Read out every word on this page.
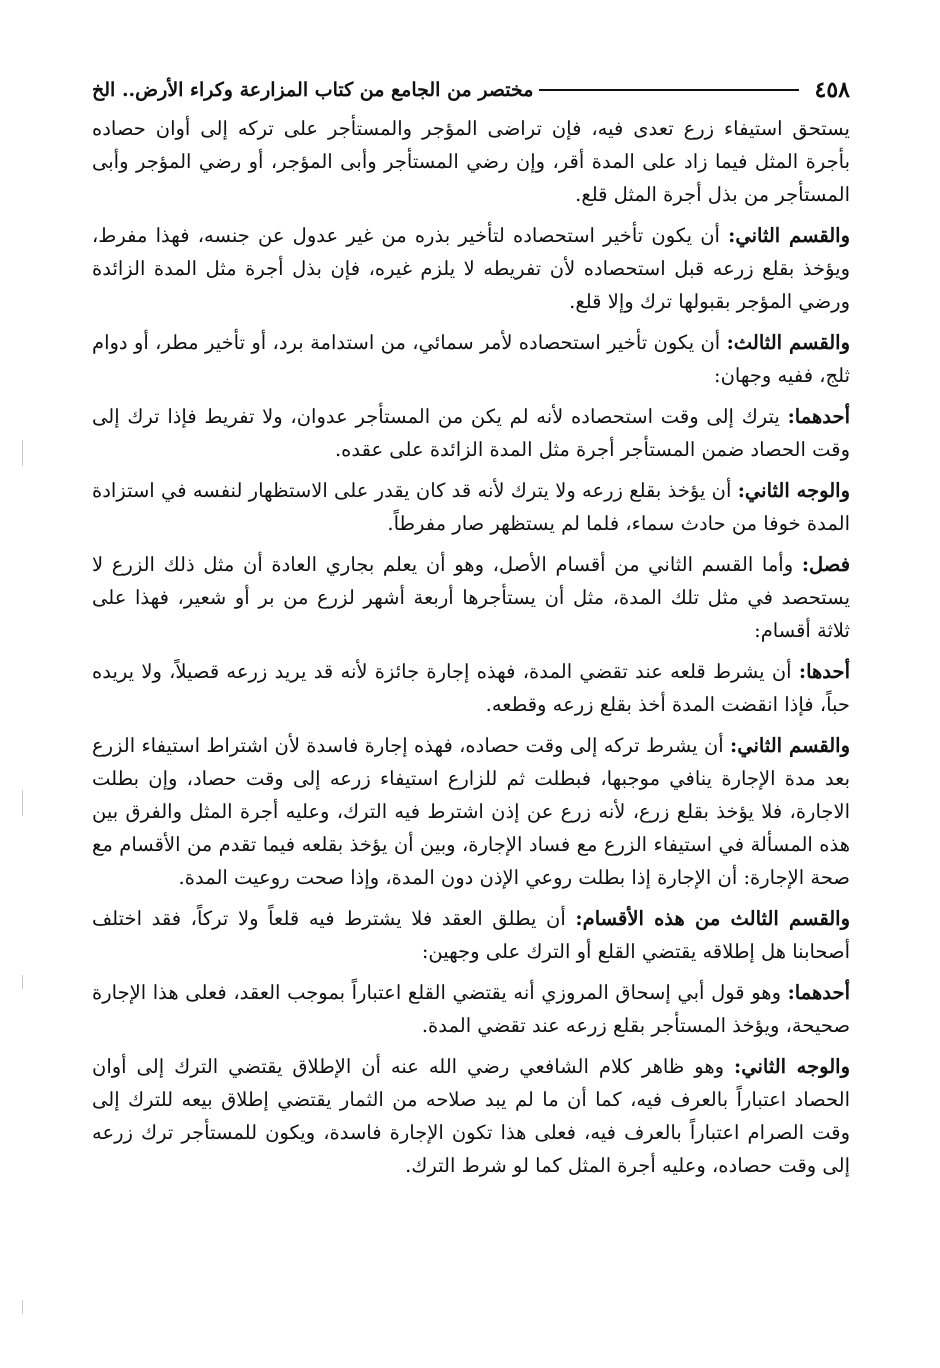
٤٥٨
مختصر من الجامع من كتاب المزارعة وكراء الأرض.. الخ

يستحق استيفاء زرع تعدى فيه، فإن تراضى المؤجر والمستأجر على تركه إلى أوان حصاده بأجرة المثل فيما زاد على المدة أقر، وإن رضي المستأجر وأبى المؤجر، أو رضي المؤجر وأبى المستأجر من بذل أجرة المثل قلع.

والقسم الثاني: أن يكون تأخير استحصاده لتأخير بذره من غير عدول عن جنسه، فهذا مفرط، ويؤخذ بقلع زرعه قبل استحصاده لأن تفريطه لا يلزم غيره، فإن بذل أجرة مثل المدة الزائدة ورضي المؤجر بقبولها ترك وإلا قلع.

والقسم الثالث: أن يكون تأخير استحصاده لأمر سمائي، من استدامة برد، أو تأخير مطر، أو دوام ثلج، ففيه وجهان:

أحدهما: يترك إلى وقت استحصاده لأنه لم يكن من المستأجر عدوان، ولا تفريط فإذا ترك إلى وقت الحصاد ضمن المستأجر أجرة مثل المدة الزائدة على عقده.

والوجه الثاني: أن يؤخذ بقلع زرعه ولا يترك لأنه قد كان يقدر على الاستظهار لنفسه في استزادة المدة خوفا من حادث سماء، فلما لم يستظهر صار مفرطاً.

فصل: وأما القسم الثاني من أقسام الأصل، وهو أن يعلم بجاري العادة أن مثل ذلك الزرع لا يستحصد في مثل تلك المدة، مثل أن يستأجرها أربعة أشهر لزرع من بر أو شعير، فهذا على ثلاثة أقسام:

أحدها: أن يشرط قلعه عند تقضي المدة، فهذه إجارة جائزة لأنه قد يريد زرعه قصيلاً، ولا يريده حباً، فإذا انقضت المدة أخذ بقلع زرعه وقطعه.

والقسم الثاني: أن يشرط تركه إلى وقت حصاده، فهذه إجارة فاسدة لأن اشتراط استيفاء الزرع بعد مدة الإجارة ينافي موجبها، فبطلت ثم للزارع استيفاء زرعه إلى وقت حصاد، وإن بطلت الاجارة، فلا يؤخذ بقلع زرع، لأنه زرع عن إذن اشترط فيه الترك، وعليه أجرة المثل والفرق بين هذه المسألة في استيفاء الزرع مع فساد الإجارة، وبين أن يؤخذ بقلعه فيما تقدم من الأقسام مع صحة الإجارة: أن الإجارة إذا بطلت روعي الإذن دون المدة، وإذا صحت روعيت المدة.

والقسم الثالث من هذه الأقسام: أن يطلق العقد فلا يشترط فيه قلعاً ولا تركاً، فقد اختلف أصحابنا هل إطلاقه يقتضي القلع أو الترك على وجهين:

أحدهما: وهو قول أبي إسحاق المروزي أنه يقتضي القلع اعتباراً بموجب العقد، فعلى هذا الإجارة صحيحة، ويؤخذ المستأجر بقلع زرعه عند تقضي المدة.

والوجه الثاني: وهو ظاهر كلام الشافعي رضي الله عنه أن الإطلاق يقتضي الترك إلى أوان الحصاد اعتباراً بالعرف فيه، كما أن ما لم يبد صلاحه من الثمار يقتضي إطلاق بيعه للترك إلى وقت الصرام اعتباراً بالعرف فيه، فعلى هذا تكون الإجارة فاسدة، ويكون للمستأجر ترك زرعه إلى وقت حصاده، وعليه أجرة المثل كما لو شرط الترك.
